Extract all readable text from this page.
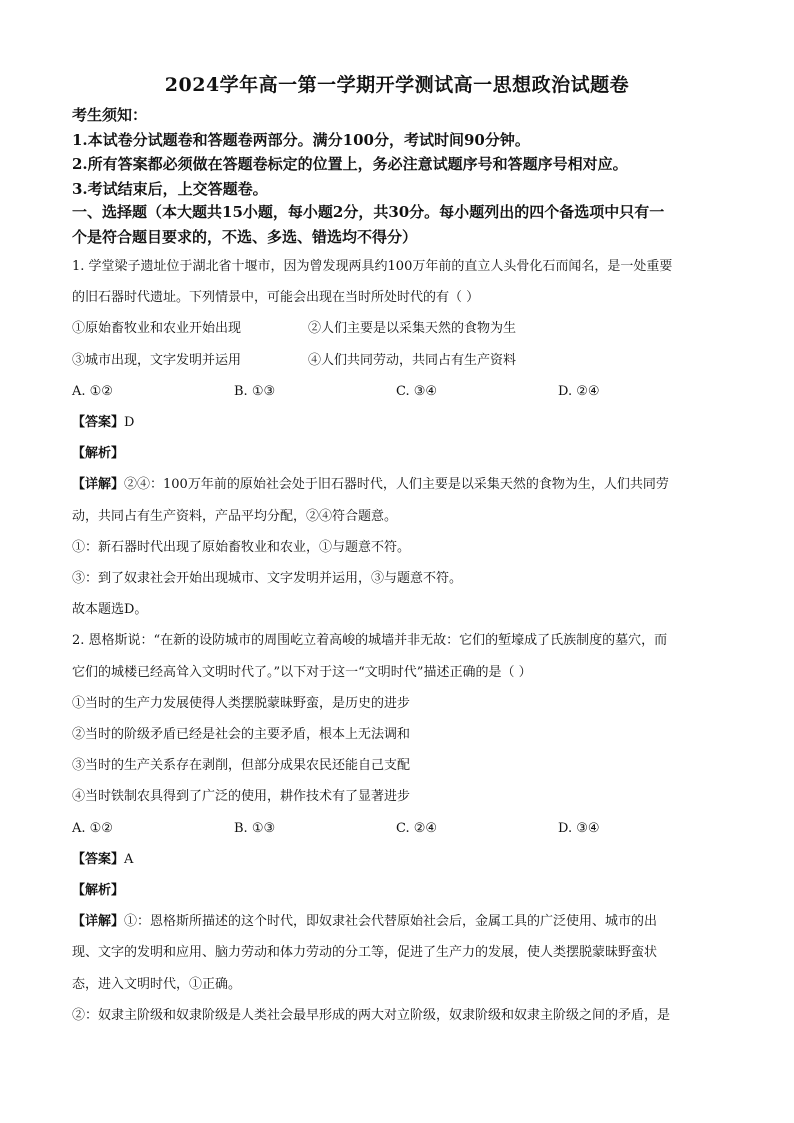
2024学年高一第一学期开学测试高一思想政治试题卷
考生须知：
1.本试卷分试题卷和答题卷两部分。满分100分，考试时间90分钟。
2.所有答案都必须做在答题卷标定的位置上，务必注意试题序号和答题序号相对应。
3.考试结束后，上交答题卷。
一、选择题（本大题共15小题，每小题2分，共30分。每小题列出的四个备选项中只有一
个是符合题目要求的，不选、多选、错选均不得分）
1. 学堂梁子遗址位于湖北省十堰市，因为曾发现两具约100万年前的直立人头骨化石而闻名，是一处重要
的旧石器时代遗址。下列情景中，可能会出现在当时所处时代的有（ ）
①原始畜牧业和农业开始出现	②人们主要是以采集天然的食物为生
③城市出现，文字发明并运用	④人们共同劳动，共同占有生产资料
A. ①②	B. ①③	C. ③④	D. ②④
【答案】D
【解析】
【详解】②④：100万年前的原始社会处于旧石器时代，人们主要是以采集天然的食物为生，人们共同劳
动，共同占有生产资料，产品平均分配，②④符合题意。
①：新石器时代出现了原始畜牧业和农业，①与题意不符。
③：到了奴隶社会开始出现城市、文字发明并运用，③与题意不符。
故本题选D。
2. 恩格斯说：“在新的设防城市的周围屹立着高峻的城墙并非无故：它们的堑壕成了氏族制度的墓穴，而
它们的城楼已经高耸入文明时代了。”以下对于这一“文明时代”描述正确的是（ ）
①当时的生产力发展使得人类摆脱蒙昧野蛮，是历史的进步
②当时的阶级矛盾已经是社会的主要矛盾，根本上无法调和
③当时的生产关系存在剥削，但部分成果农民还能自己支配
④当时铁制农具得到了广泛的使用，耕作技术有了显著进步
A. ①②	B. ①③	C. ②④	D. ③④
【答案】A
【解析】
【详解】①：恩格斯所描述的这个时代，即奴隶社会代替原始社会后，金属工具的广泛使用、城市的出
现、文字的发明和应用、脑力劳动和体力劳动的分工等，促进了生产力的发展，使人类摆脱蒙昧野蛮状
态，进入文明时代，①正确。
②：奴隶主阶级和奴隶阶级是人类社会最早形成的两大对立阶级，奴隶阶级和奴隶主阶级之间的矛盾，是
